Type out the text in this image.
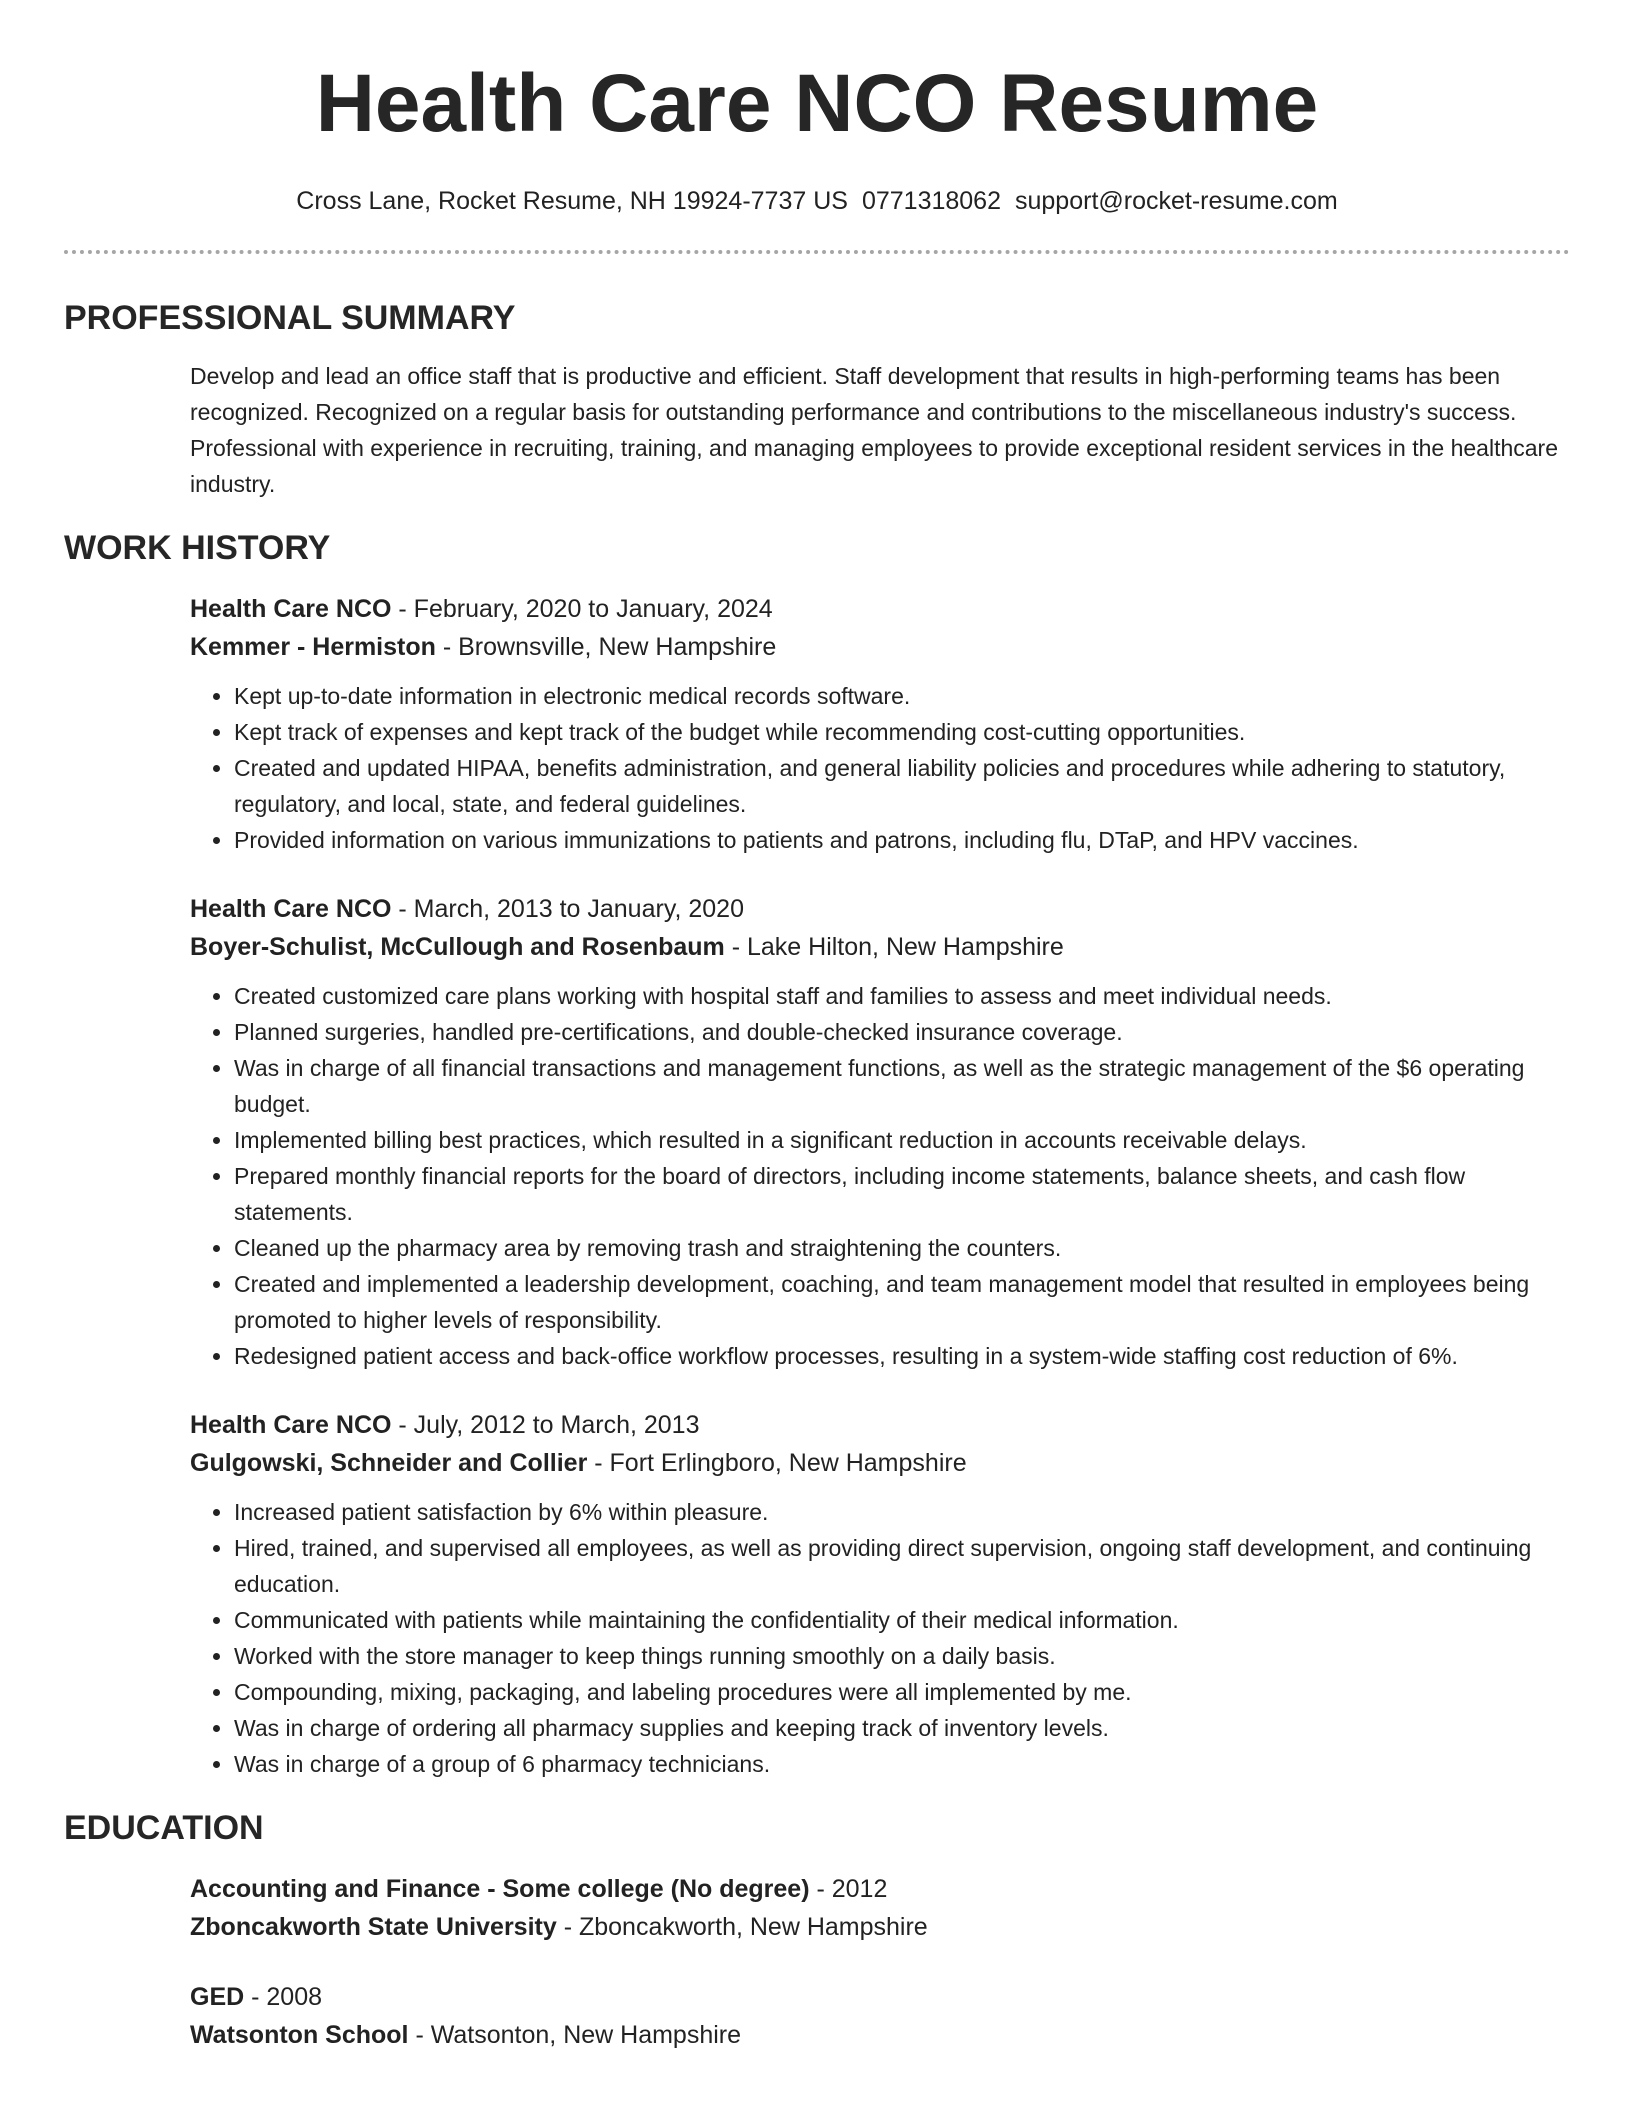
Health Care NCO Resume
Cross Lane, Rocket Resume, NH 19924-7737 US 0771318062 support@rocket-resume.com
PROFESSIONAL SUMMARY

Develop and lead an office staff that is productive and efficient. Staff development that results in high-performing teams has been recognized. Recognized on a regular basis for outstanding performance and contributions to the miscellaneous industry's success. Professional with experience in recruiting, training, and managing employees to provide exceptional resident services in the healthcare industry.

WORK HISTORY
Health Care NCO - February, 2020 to January, 2024
Kemmer - Hermiston - Brownsville, New Hampshire
• Kept up-to-date information in electronic medical records software.
• Kept track of expenses and kept track of the budget while recommending cost-cutting opportunities.
• Created and updated HIPAA, benefits administration, and general liability policies and procedures while adhering to statutory, regulatory, and local, state, and federal guidelines.
• Provided information on various immunizations to patients and patrons, including flu, DTaP, and HPV vaccines.
Health Care NCO - March, 2013 to January, 2020
Boyer-Schulist, McCullough and Rosenbaum - Lake Hilton, New Hampshire
• Created customized care plans working with hospital staff and families to assess and meet individual needs.
• Planned surgeries, handled pre-certifications, and double-checked insurance coverage.
• Was in charge of all financial transactions and management functions, as well as the strategic management of the $6 operating budget.
• Implemented billing best practices, which resulted in a significant reduction in accounts receivable delays.
• Prepared monthly financial reports for the board of directors, including income statements, balance sheets, and cash flow statements.
• Cleaned up the pharmacy area by removing trash and straightening the counters.
• Created and implemented a leadership development, coaching, and team management model that resulted in employees being promoted to higher levels of responsibility.
• Redesigned patient access and back-office workflow processes, resulting in a system-wide staffing cost reduction of 6%.
Health Care NCO - July, 2012 to March, 2013
Gulgowski, Schneider and Collier - Fort Erlingboro, New Hampshire
• Increased patient satisfaction by 6% within pleasure.
• Hired, trained, and supervised all employees, as well as providing direct supervision, ongoing staff development, and continuing education.
• Communicated with patients while maintaining the confidentiality of their medical information.
• Worked with the store manager to keep things running smoothly on a daily basis.
• Compounding, mixing, packaging, and labeling procedures were all implemented by me.
• Was in charge of ordering all pharmacy supplies and keeping track of inventory levels.
• Was in charge of a group of 6 pharmacy technicians.
EDUCATION
Accounting and Finance - Some college (No degree) - 2012
Zboncakworth State University - Zboncakworth, New Hampshire
GED - 2008
Watsonton School - Watsonton, New Hampshire
